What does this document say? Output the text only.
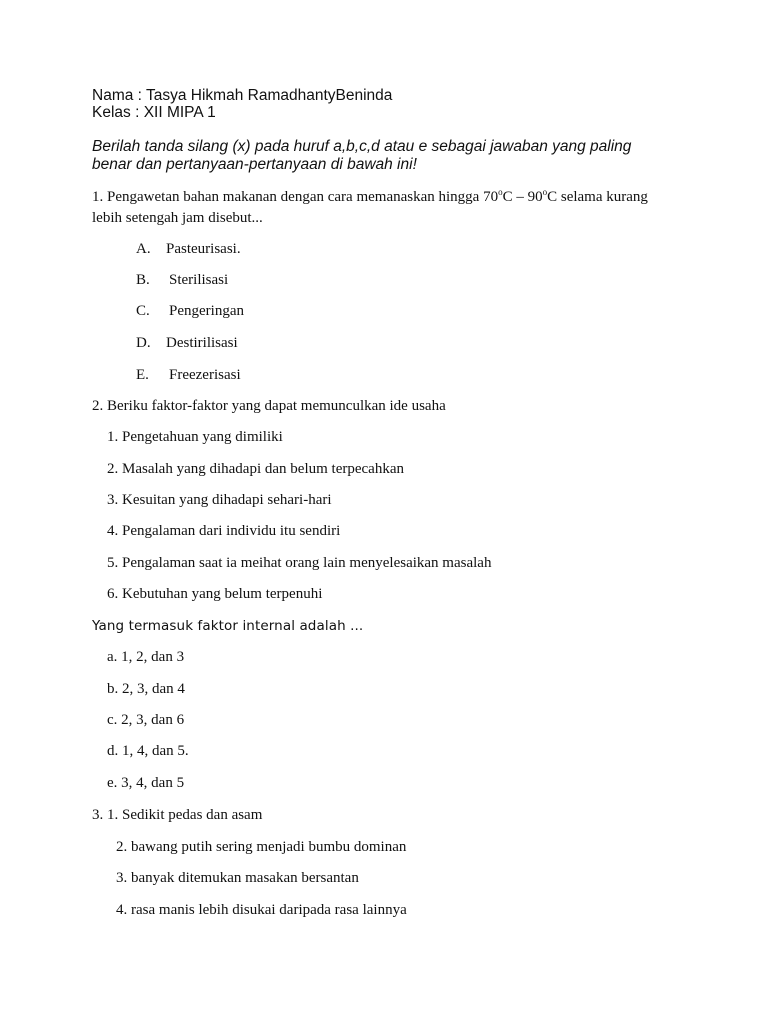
Nama : Tasya Hikmah RamadhantyBeninda
Kelas : XII MIPA 1
Berilah tanda silang (x) pada huruf a,b,c,d atau e sebagai jawaban yang paling
benar dan pertanyaan-pertanyaan di bawah ini!
1. Pengawetan bahan makanan dengan cara memanaskan hingga 70$^o$C – 90$^o$C selama kurang
lebih setengah jam disebut...
A. Pasteurisasi.
B. Sterilisasi
C. Pengeringan
D. Destirilisasi
E. Freezerisasi
2. Beriku faktor-faktor yang dapat memunculkan ide usaha
1. Pengetahuan yang dimiliki
2. Masalah yang dihadapi dan belum terpecahkan
3. Kesuitan yang dihadapi sehari-hari
4. Pengalaman dari individu itu sendiri
5. Pengalaman saat ia meihat orang lain menyelesaikan masalah
6. Kebutuhan yang belum terpenuhi
Yang termasuk faktor internal adalah ...
a. 1, 2, dan 3
b. 2, 3, dan 4
c. 2, 3, dan 6
d. 1, 4, dan 5.
e. 3, 4, dan 5
3. 1. Sedikit pedas dan asam
2. bawang putih sering menjadi bumbu dominan
3. banyak ditemukan masakan bersantan
4. rasa manis lebih disukai daripada rasa lainnya
